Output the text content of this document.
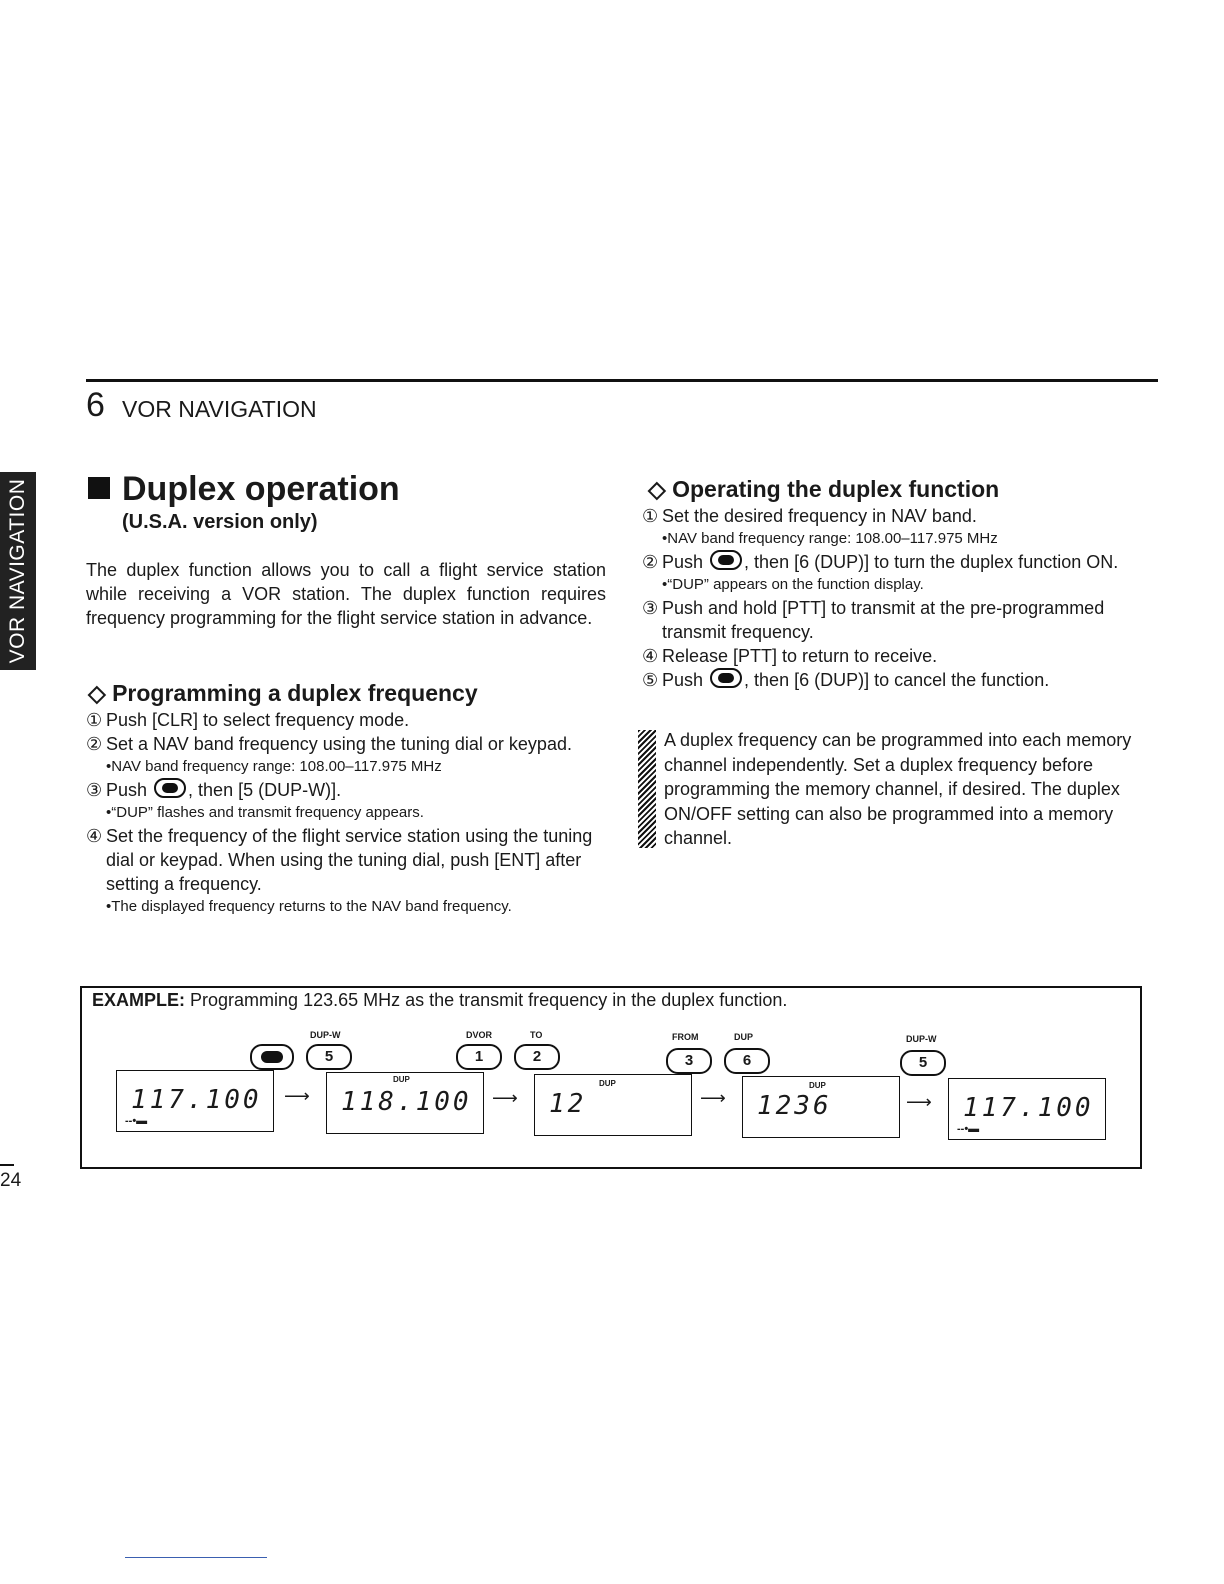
6 VOR NAVIGATION
VOR NAVIGATION
24
Duplex operation
(U.S.A. version only)
The duplex function allows you to call a flight service station while receiving a VOR station. The duplex function requires frequency programming for the flight service station in advance.
◇ Programming a duplex frequency
① Push [CLR] to select frequency mode.
② Set a NAV band frequency using the tuning dial or keypad.
•NAV band frequency range: 108.00–117.975 MHz
③ Push , then [5 (DUP-W)].
•“DUP” flashes and transmit frequency appears.
④ Set the frequency of the flight service station using the tuning dial or keypad. When using the tuning dial, push [ENT] after setting a frequency.
•The displayed frequency returns to the NAV band frequency.
◇ Operating the duplex function
① Set the desired frequency in NAV band.
•NAV band frequency range: 108.00–117.975 MHz
② Push , then [6 (DUP)] to turn the duplex function ON.
•“DUP” appears on the function display.
③ Push and hold [PTT] to transmit at the pre-programmed transmit frequency.
④ Release [PTT] to return to receive.
⑤ Push , then [6 (DUP)] to cancel the function.
A duplex frequency can be programmed into each memory channel independently. Set a duplex frequency before programming the memory channel, if desired. The duplex ON/OFF setting can also be programmed into a memory channel.
EXAMPLE: Programming 123.65 MHz as the transmit frequency in the duplex function.
DUP-W	DVOR	TO	FROM	DUP	DUP-W
5	1	2	3	6	5
117.100
--•▬
⟶ 118.100
DUP
⟶ 12
DUP
⟶ 1236
DUP
⟶ 117.100
--•▬
